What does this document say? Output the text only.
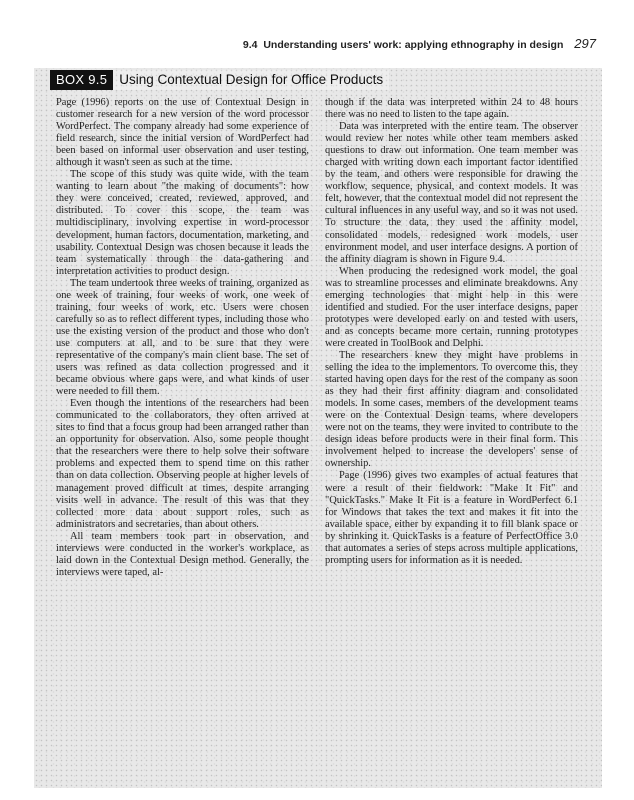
9.4 Understanding users' work: applying ethnography in design 297
BOX 9.5 Using Contextual Design for Office Products

Page (1996) reports on the use of Contextual Design in customer research for a new version of the word processor WordPerfect. The company already had some experience of field research, since the initial version of WordPerfect had been based on informal user observation and user testing, although it wasn't seen as such at the time.

The scope of this study was quite wide, with the team wanting to learn about "the making of documents": how they were conceived, created, reviewed, approved, and distributed. To cover this scope, the team was multidisciplinary, involving expertise in word-processor development, human factors, documentation, marketing, and usability. Contextual Design was chosen because it leads the team systematically through the data-gathering and interpretation activities to product design.

The team undertook three weeks of training, organized as one week of training, four weeks of work, one week of training, four weeks of work, etc. Users were chosen carefully so as to reflect different types, including those who use the existing version of the product and those who don't use computers at all, and to be sure that they were representative of the company's main client base. The set of users was refined as data collection progressed and it became obvious where gaps were, and what kinds of user were needed to fill them.

Even though the intentions of the researchers had been communicated to the collaborators, they often arrived at sites to find that a focus group had been arranged rather than an opportunity for observation. Also, some people thought that the researchers were there to help solve their software problems and expected them to spend time on this rather than on data collection. Observing people at higher levels of management proved difficult at times, despite arranging visits well in advance. The result of this was that they collected more data about support roles, such as administrators and secretaries, than about others.

All team members took part in observation, and interviews were conducted in the worker's workplace, as laid down in the Contextual Design method. Generally, the interviews were taped, al-

though if the data was interpreted within 24 to 48 hours there was no need to listen to the tape again.

Data was interpreted with the entire team. The observer would review her notes while other team members asked questions to draw out information. One team member was charged with writing down each important factor identified by the team, and others were responsible for drawing the workflow, sequence, physical, and context models. It was felt, however, that the contextual model did not represent the cultural influences in any useful way, and so it was not used. To structure the data, they used the affinity model, consolidated models, redesigned work models, user environment model, and user interface designs. A portion of the affinity diagram is shown in Figure 9.4.

When producing the redesigned work model, the goal was to streamline processes and eliminate breakdowns. Any emerging technologies that might help in this were identified and studied. For the user interface designs, paper prototypes were developed early on and tested with users, and as concepts became more certain, running prototypes were created in ToolBook and Delphi.

The researchers knew they might have problems in selling the idea to the implementors. To overcome this, they started having open days for the rest of the company as soon as they had their first affinity diagram and consolidated models. In some cases, members of the development teams were on the Contextual Design teams, where developers were not on the teams, they were invited to contribute to the design ideas before products were in their final form. This involvement helped to increase the developers' sense of ownership.

Page (1996) gives two examples of actual features that were a result of their fieldwork: "Make It Fit" and "QuickTasks." Make It Fit is a feature in WordPerfect 6.1 for Windows that takes the text and makes it fit into the available space, either by expanding it to fill blank space or by shrinking it. QuickTasks is a feature of PerfectOffice 3.0 that automates a series of steps across multiple applications, prompting users for information as it is needed.
